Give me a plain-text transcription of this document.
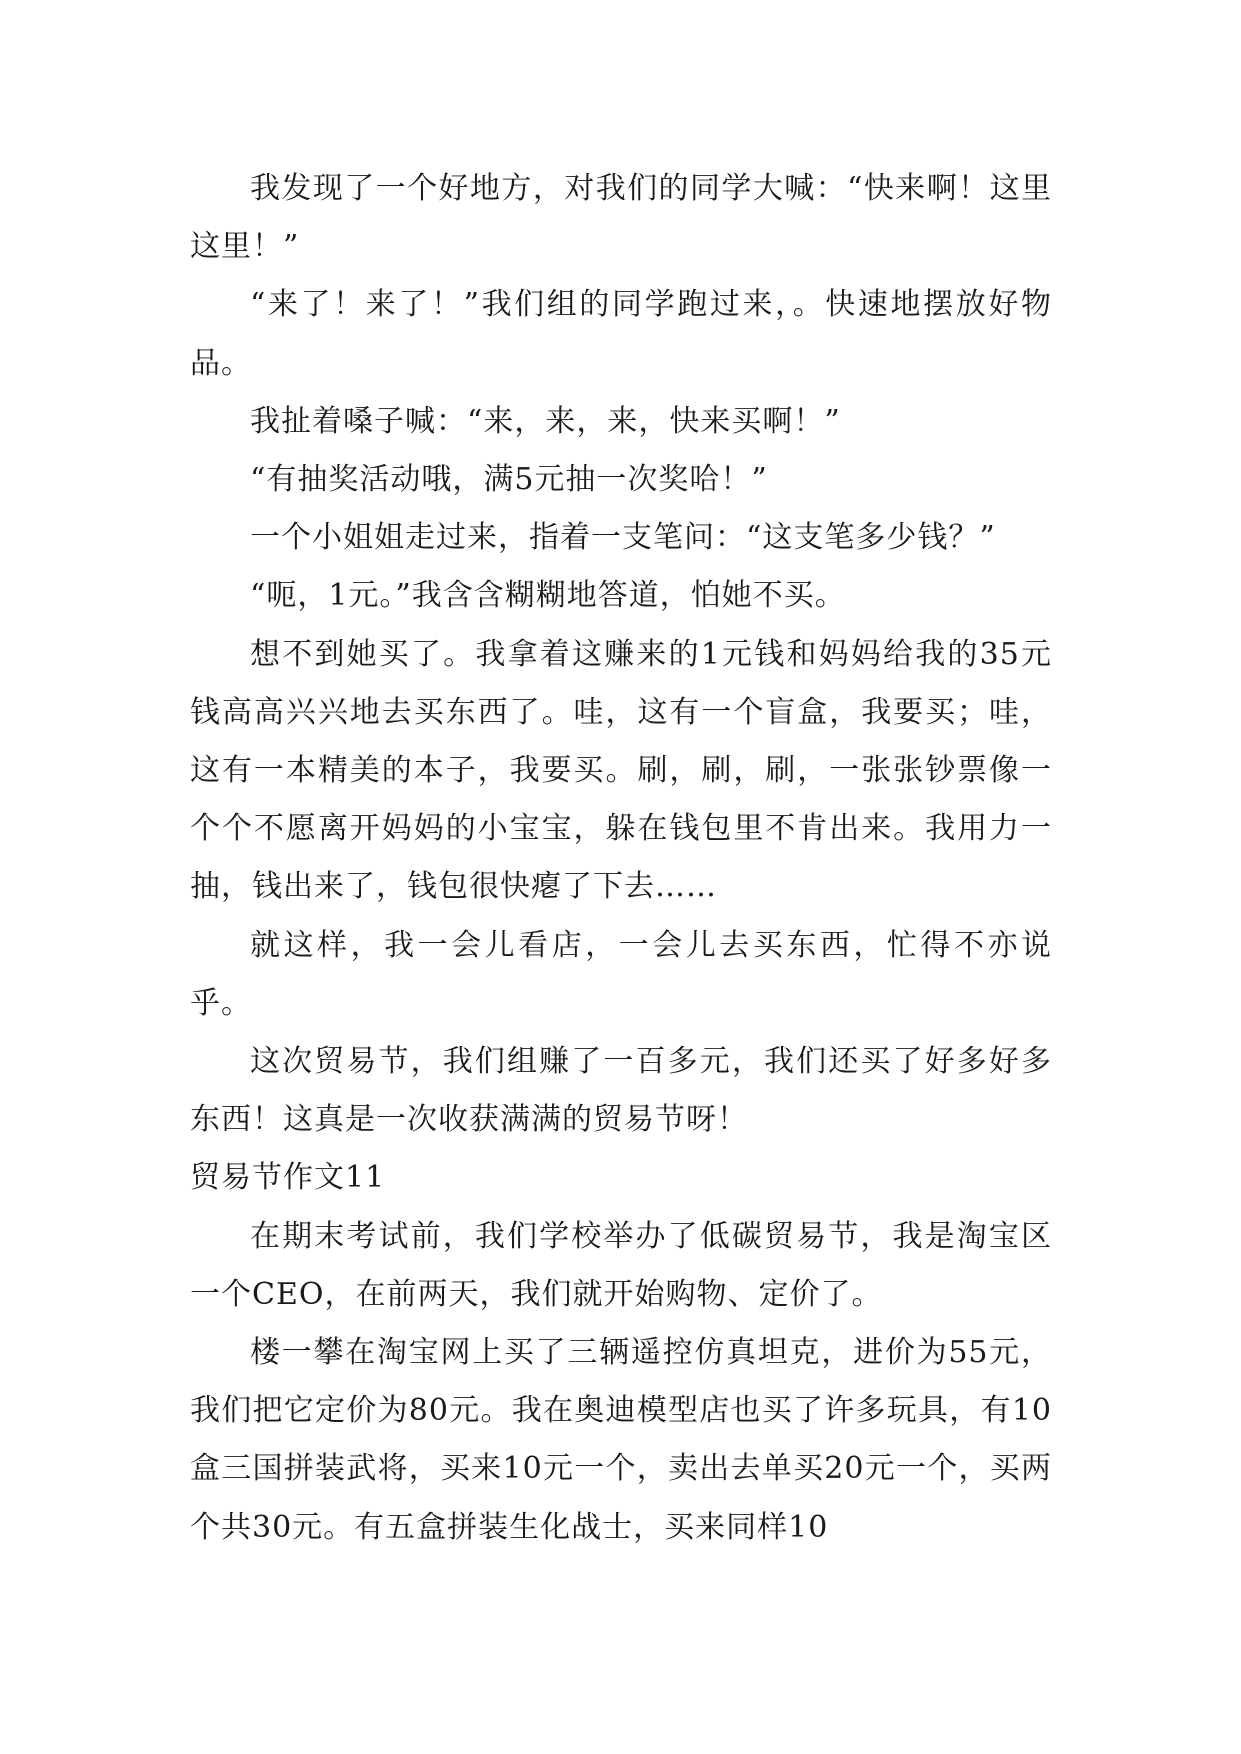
我发现了一个好地方，对我们的同学大喊：“快来啊！这里这里！”

“来了！来了！”我们组的同学跑过来，。快速地摆放好物品。

我扯着嗓子喊：“来，来，来，快来买啊！”

“有抽奖活动哦，满5元抽一次奖哈！”

一个小姐姐走过来，指着一支笔问：“这支笔多少钱？”

“呃，1元。”我含含糊糊地答道，怕她不买。

想不到她买了。我拿着这赚来的1元钱和妈妈给我的35元钱高高兴兴地去买东西了。哇，这有一个盲盒，我要买；哇，这有一本精美的本子，我要买。刷，刷，刷，一张张钞票像一个个不愿离开妈妈的小宝宝，躲在钱包里不肯出来。我用力一抽，钱出来了，钱包很快瘪了下去……

就这样，我一会儿看店，一会儿去买东西，忙得不亦说乎。

这次贸易节，我们组赚了一百多元，我们还买了好多好多东西！这真是一次收获满满的贸易节呀！

贸易节作文11

在期末考试前，我们学校举办了低碳贸易节，我是淘宝区一个CEO，在前两天，我们就开始购物、定价了。

楼一攀在淘宝网上买了三辆遥控仿真坦克，进价为55元，我们把它定价为80元。我在奥迪模型店也买了许多玩具，有10盒三国拼装武将，买来10元一个，卖出去单买20元一个，买两个共30元。有五盒拼装生化战士，买来同样10
